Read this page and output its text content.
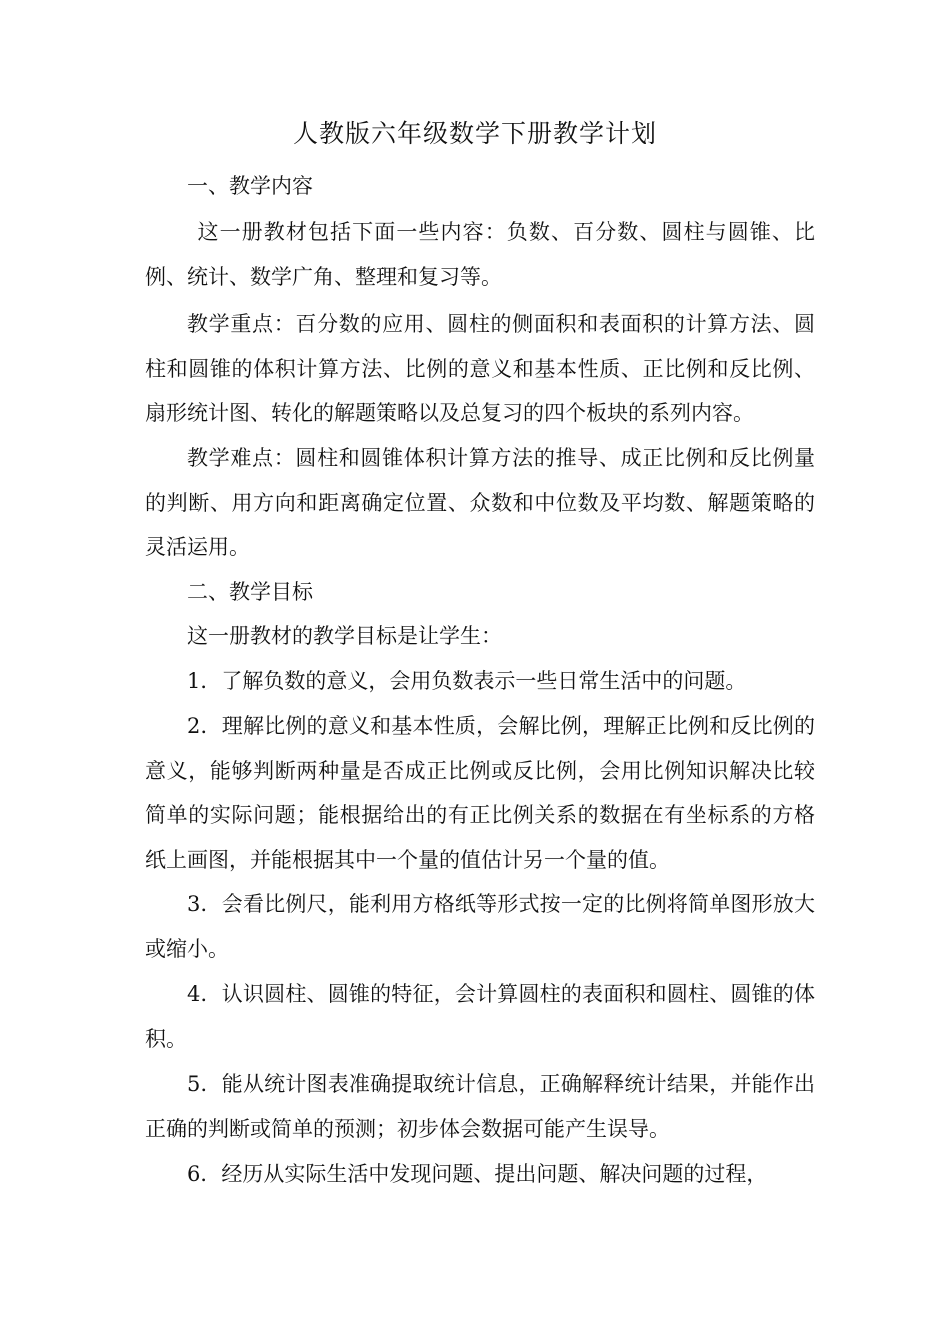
人教版六年级数学下册教学计划
一、教学内容
这一册教材包括下面一些内容：负数、百分数、圆柱与圆锥、比例、统计、数学广角、整理和复习等。
教学重点：百分数的应用、圆柱的侧面积和表面积的计算方法、圆柱和圆锥的体积计算方法、比例的意义和基本性质、正比例和反比例、扇形统计图、转化的解题策略以及总复习的四个板块的系列内容。
教学难点：圆柱和圆锥体积计算方法的推导、成正比例和反比例量的判断、用方向和距离确定位置、众数和中位数及平均数、解题策略的灵活运用。
二、教学目标
这一册教材的教学目标是让学生：
1．了解负数的意义，会用负数表示一些日常生活中的问题。
2．理解比例的意义和基本性质，会解比例，理解正比例和反比例的意义，能够判断两种量是否成正比例或反比例，会用比例知识解决比较简单的实际问题；能根据给出的有正比例关系的数据在有坐标系的方格纸上画图，并能根据其中一个量的值估计另一个量的值。
3．会看比例尺，能利用方格纸等形式按一定的比例将简单图形放大或缩小。
4．认识圆柱、圆锥的特征，会计算圆柱的表面积和圆柱、圆锥的体积。
5．能从统计图表准确提取统计信息，正确解释统计结果，并能作出正确的判断或简单的预测；初步体会数据可能产生误导。
6．经历从实际生活中发现问题、提出问题、解决问题的过程，
